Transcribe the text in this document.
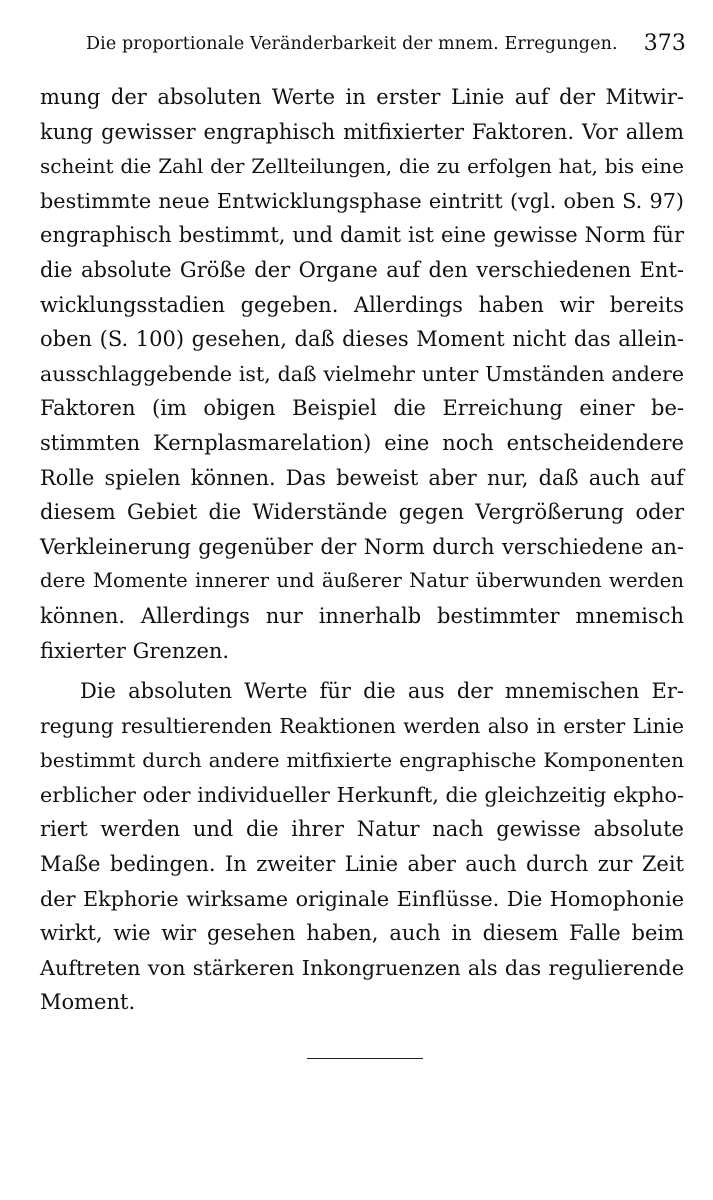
Die proportionale Veränderbarkeit der mnem. Erregungen. 373
mung der absoluten Werte in erster Linie auf der Mitwir-
kung gewisser engraphisch mitfixierter Faktoren. Vor allem
scheint die Zahl der Zellteilungen, die zu erfolgen hat, bis eine
bestimmte neue Entwicklungsphase eintritt (vgl. oben S. 97)
engraphisch bestimmt, und damit ist eine gewisse Norm für
die absolute Größe der Organe auf den verschiedenen Ent-
wicklungsstadien gegeben. Allerdings haben wir bereits
oben (S. 100) gesehen, daß dieses Moment nicht das allein-
ausschlaggebende ist, daß vielmehr unter Umständen andere
Faktoren (im obigen Beispiel die Erreichung einer be-
stimmten Kernplasmarelation) eine noch entscheidendere
Rolle spielen können. Das beweist aber nur, daß auch auf
diesem Gebiet die Widerstände gegen Vergrößerung oder
Verkleinerung gegenüber der Norm durch verschiedene an-
dere Momente innerer und äußerer Natur überwunden werden
können. Allerdings nur innerhalb bestimmter mnemisch
fixierter Grenzen.
Die absoluten Werte für die aus der mnemischen Er-
regung resultierenden Reaktionen werden also in erster Linie
bestimmt durch andere mitfixierte engraphische Komponenten
erblicher oder individueller Herkunft, die gleichzeitig ekpho-
riert werden und die ihrer Natur nach gewisse absolute
Maße bedingen. In zweiter Linie aber auch durch zur Zeit
der Ekphorie wirksame originale Einflüsse. Die Homophonie
wirkt, wie wir gesehen haben, auch in diesem Falle beim
Auftreten von stärkeren Inkongruenzen als das regulierende
Moment.
